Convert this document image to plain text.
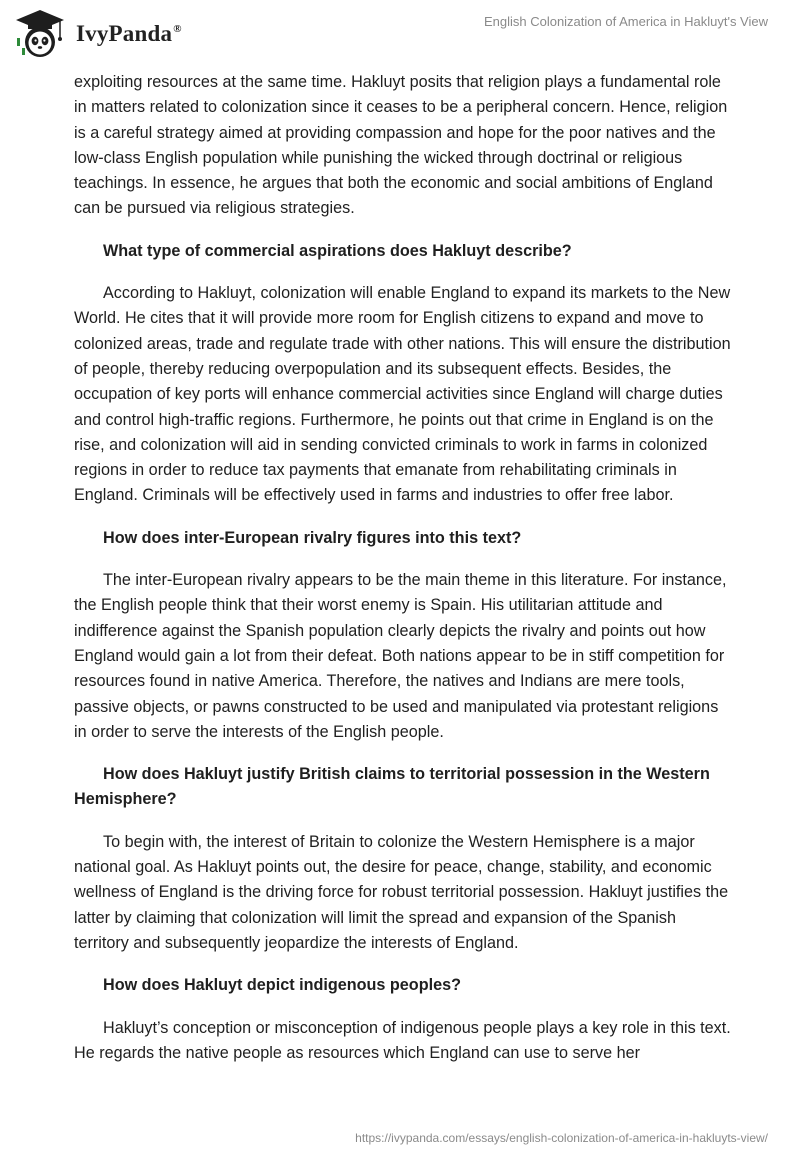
IvyPanda®	English Colonization of America in Hakluyt's View

exploiting resources at the same time. Hakluyt posits that religion plays a fundamental role in matters related to colonization since it ceases to be a peripheral concern. Hence, religion is a careful strategy aimed at providing compassion and hope for the poor natives and the low-class English population while punishing the wicked through doctrinal or religious teachings. In essence, he argues that both the economic and social ambitions of England can be pursued via religious strategies.

What type of commercial aspirations does Hakluyt describe?

According to Hakluyt, colonization will enable England to expand its markets to the New World. He cites that it will provide more room for English citizens to expand and move to colonized areas, trade and regulate trade with other nations. This will ensure the distribution of people, thereby reducing overpopulation and its subsequent effects. Besides, the occupation of key ports will enhance commercial activities since England will charge duties and control high-traffic regions. Furthermore, he points out that crime in England is on the rise, and colonization will aid in sending convicted criminals to work in farms in colonized regions in order to reduce tax payments that emanate from rehabilitating criminals in England. Criminals will be effectively used in farms and industries to offer free labor.

How does inter-European rivalry figures into this text?

The inter-European rivalry appears to be the main theme in this literature. For instance, the English people think that their worst enemy is Spain. His utilitarian attitude and indifference against the Spanish population clearly depicts the rivalry and points out how England would gain a lot from their defeat. Both nations appear to be in stiff competition for resources found in native America. Therefore, the natives and Indians are mere tools, passive objects, or pawns constructed to be used and manipulated via protestant religions in order to serve the interests of the English people.

How does Hakluyt justify British claims to territorial possession in the Western Hemisphere?

To begin with, the interest of Britain to colonize the Western Hemisphere is a major national goal. As Hakluyt points out, the desire for peace, change, stability, and economic wellness of England is the driving force for robust territorial possession. Hakluyt justifies the latter by claiming that colonization will limit the spread and expansion of the Spanish territory and subsequently jeopardize the interests of England.

How does Hakluyt depict indigenous peoples?

Hakluyt’s conception or misconception of indigenous people plays a key role in this text. He regards the native people as resources which England can use to serve her

https://ivypanda.com/essays/english-colonization-of-america-in-hakluyts-view/
